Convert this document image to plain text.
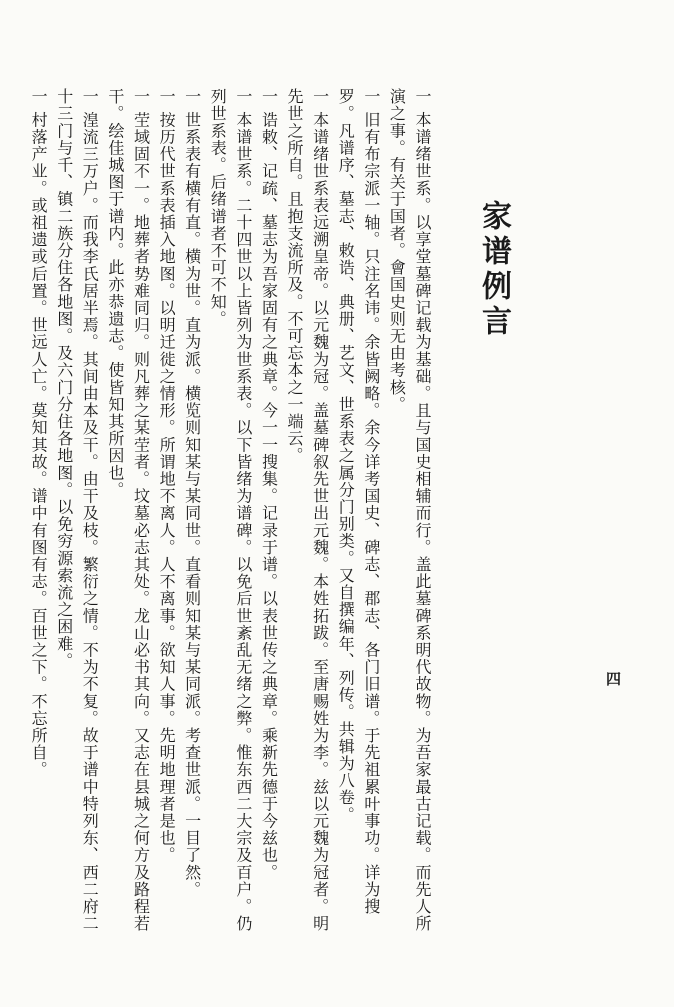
家谱例言

一 本谱绪世系。以享堂墓碑记载为基础。且与国史相辅而行。盖此墓碑系明代故物。为吾家最古记载。而先人所演之事。有关于国者。會国史则无由考核。

一 旧有布宗派一轴。只注名讳。余皆阙略。余今详考国史、碑志、郡志、各门旧谱。于先祖累叶事功。详为搜罗。凡谱序、墓志、敕诰、典册、艺文、世系表之属分门别类。又自撰编年、列传。共辑为八卷。

一 本谱绪世系表远溯皇帝。以元魏为冠。盖墓碑叙先世出元魏。本姓拓跋。至唐赐姓为李。兹以元魏为冠者。明先世之所自。且抱支流所及。不可忘本之一端云。

一 诰敕、记疏、墓志为吾家固有之典章。今一一搜集。记录于谱。以表世传之典章。乘新先德于今兹也。

一 本谱世系。二十四世以上皆列为世系表。以下皆绪为谱碑。以免后世紊乱无绪之弊。惟东西二大宗及百户。仍列世系表。后绪谱者不可不知。

一 世系表有横有直。横为世。直为派。横览则知某与某同世。直看则知某与某同派。考查世派。一目了然。

一 按历代世系表插入地图。以明迁徙之情形。所谓地不离人。人不离事。欲知人事。先明地理者是也。

一 茔域固不一。地葬者势难同归。则凡葬之某茔者。坟墓必志其处。龙山必书其向。又志在县城之何方及路程若干。绘佳城图于谱内。此亦恭遗志。使皆知其所因也。

一 湟流三万户。而我李氏居半焉。其间由本及干。由干及枝。繁衍之情。不为不复。故于谱中特列东、西二府二十三门与千、镇二族分住各地图。及六门分住各地图。以免穷源索流之困难。

一 村落产业。或祖遗或后置。世远人亡。莫知其故。谱中有图有志。百世之下。不忘所自。	四
